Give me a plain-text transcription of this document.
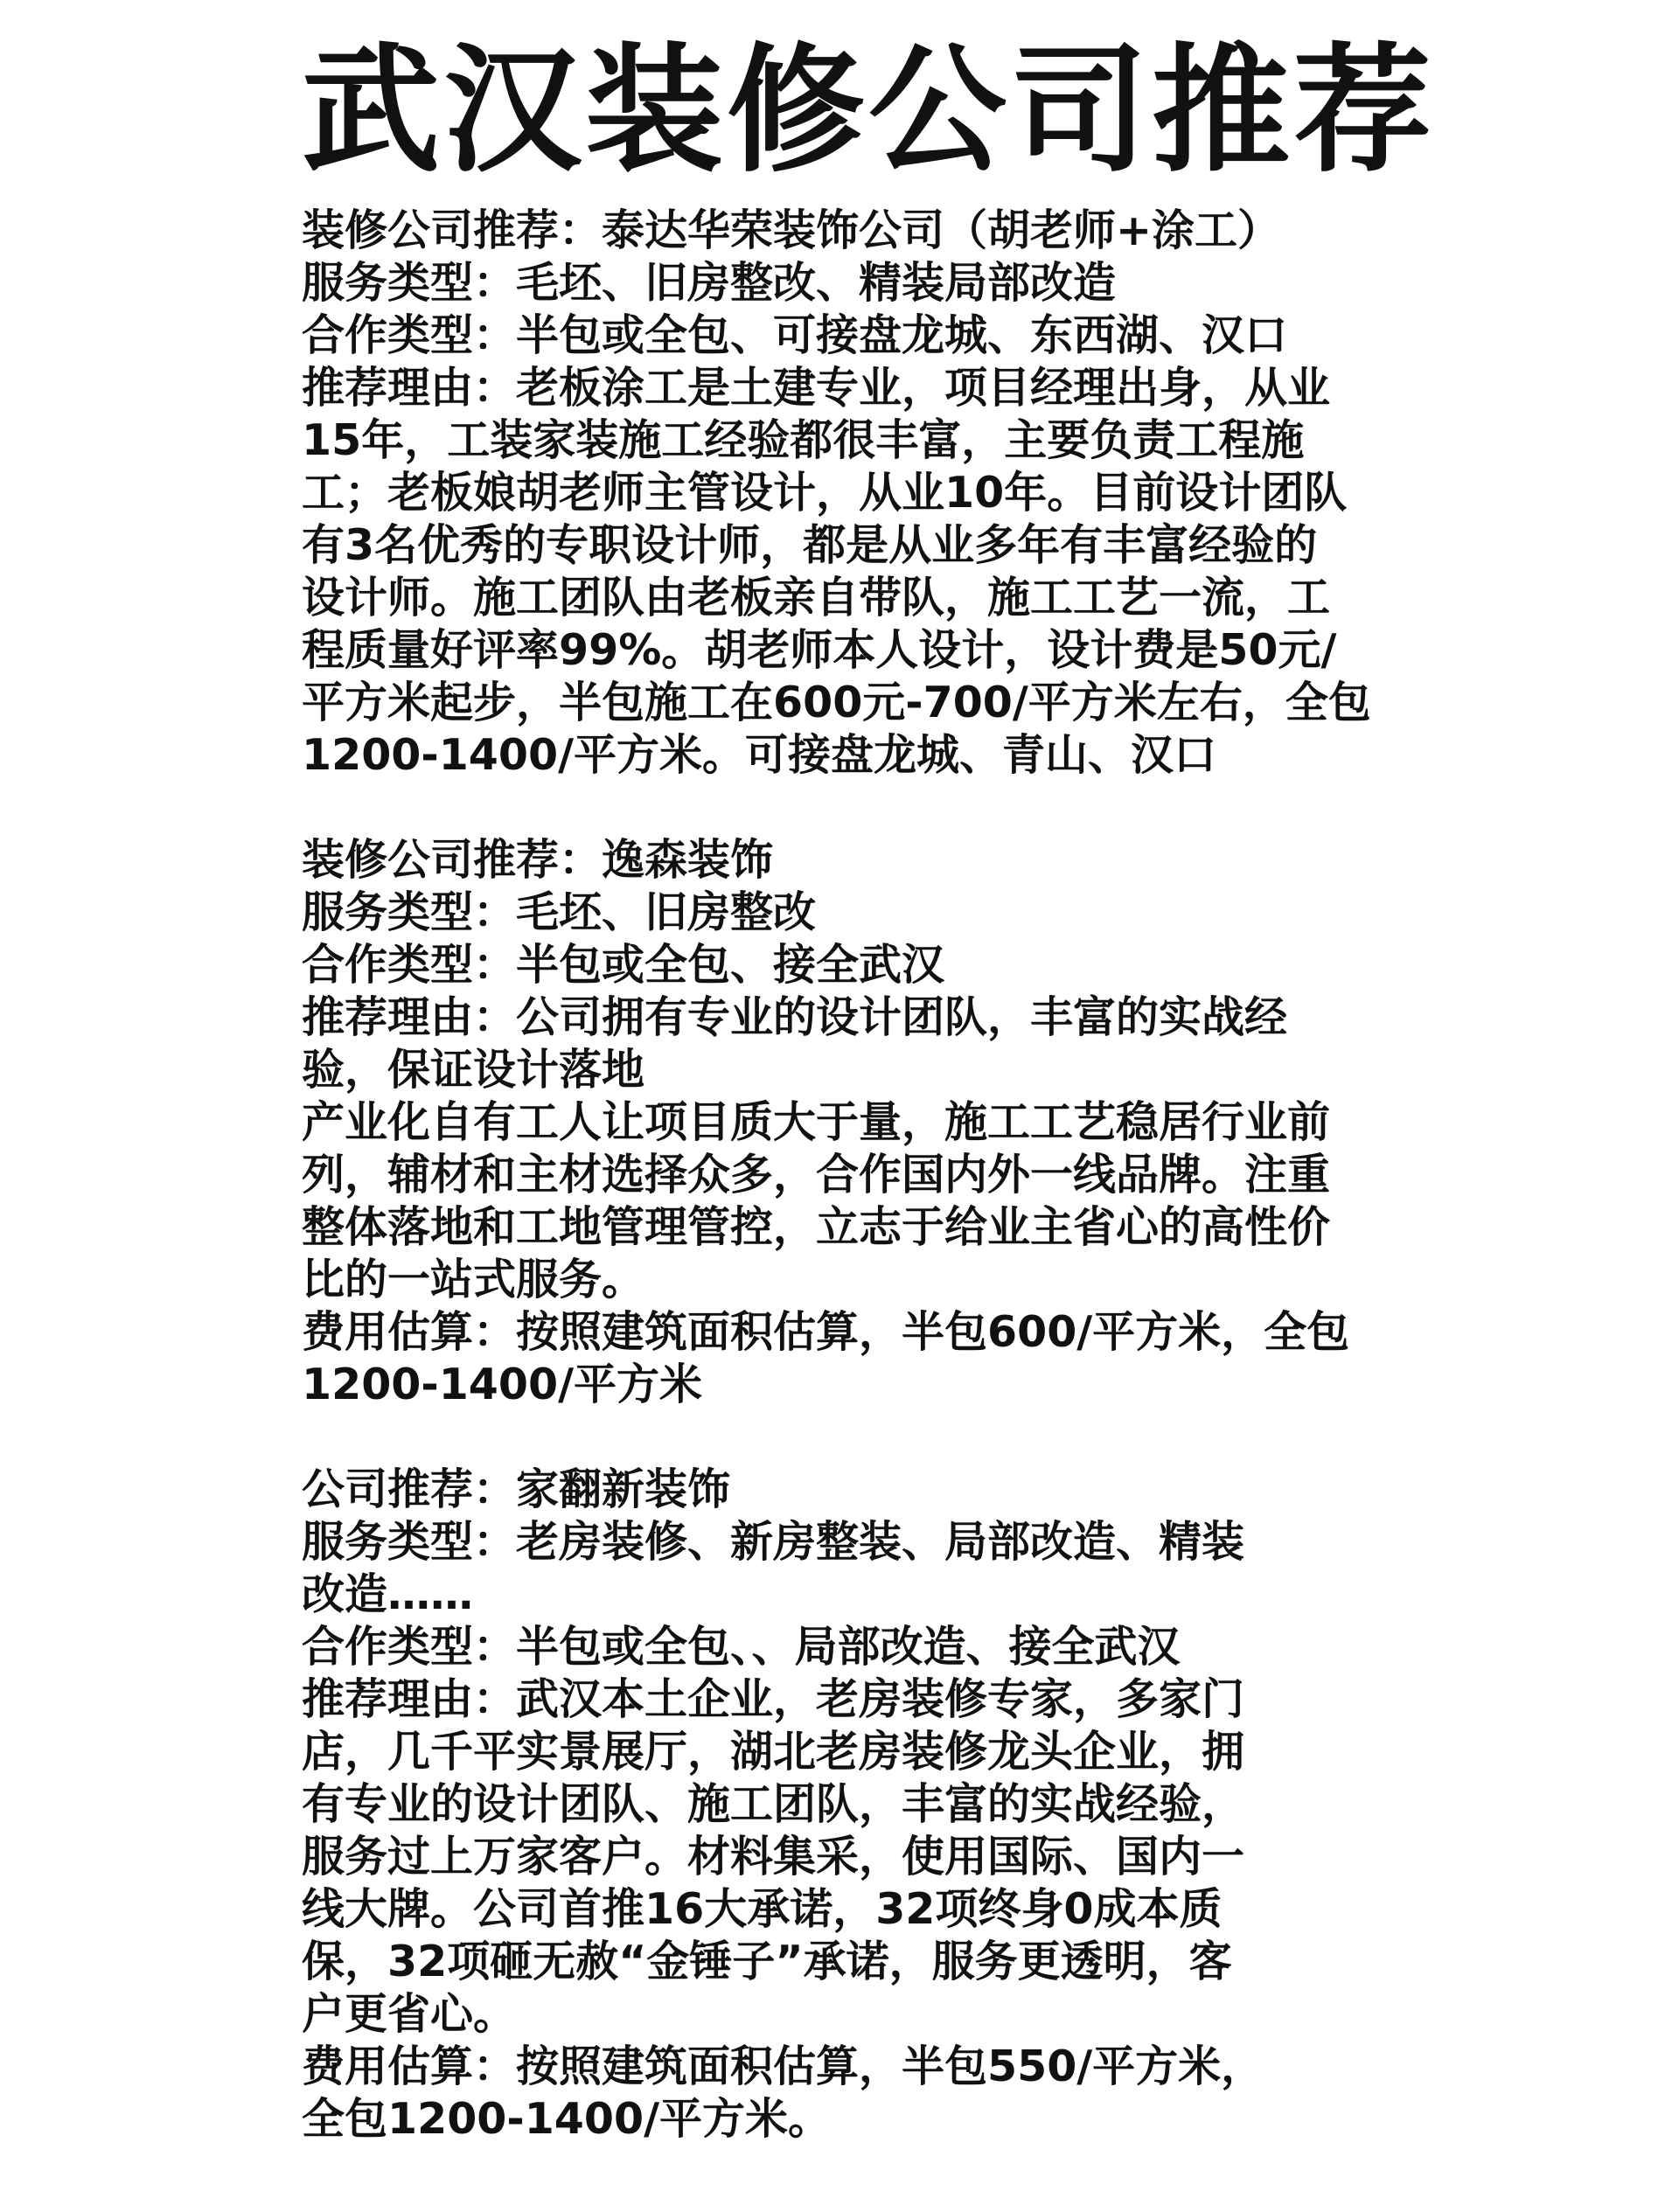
武汉装修公司推荐
装修公司推荐：泰达华荣装饰公司（胡老师+涂工）
服务类型：毛坯、旧房整改、精装局部改造
合作类型：半包或全包、可接盘龙城、东西湖、汉口
推荐理由：老板涂工是土建专业，项目经理出身，从业
15年，工装家装施工经验都很丰富，主要负责工程施
工；老板娘胡老师主管设计，从业10年。目前设计团队
有3名优秀的专职设计师，都是从业多年有丰富经验的
设计师。施工团队由老板亲自带队，施工工艺一流，工
程质量好评率99%。胡老师本人设计，设计费是50元/
平方米起步，半包施工在600元-700/平方米左右，全包
1200-1400/平方米。可接盘龙城、青山、汉口
装修公司推荐：逸森装饰
服务类型：毛坯、旧房整改
合作类型：半包或全包、接全武汉
推荐理由：公司拥有专业的设计团队，丰富的实战经
验，保证设计落地
产业化自有工人让项目质大于量，施工工艺稳居行业前
列，辅材和主材选择众多，合作国内外一线品牌。注重
整体落地和工地管理管控，立志于给业主省心的高性价
比的一站式服务。
费用估算：按照建筑面积估算，半包600/平方米，全包
1200-1400/平方米
公司推荐：家翻新装饰
服务类型：老房装修、新房整装、局部改造、精装
改造……
合作类型：半包或全包、、局部改造、接全武汉
推荐理由：武汉本土企业，老房装修专家，多家门
店，几千平实景展厅，湖北老房装修龙头企业，拥
有专业的设计团队、施工团队，丰富的实战经验，
服务过上万家客户。材料集采，使用国际、国内一
线大牌。公司首推16大承诺，32项终身0成本质
保，32项砸无赦“金锤子”承诺，服务更透明，客
户更省心。
费用估算：按照建筑面积估算，半包550/平方米，
全包1200-1400/平方米。
